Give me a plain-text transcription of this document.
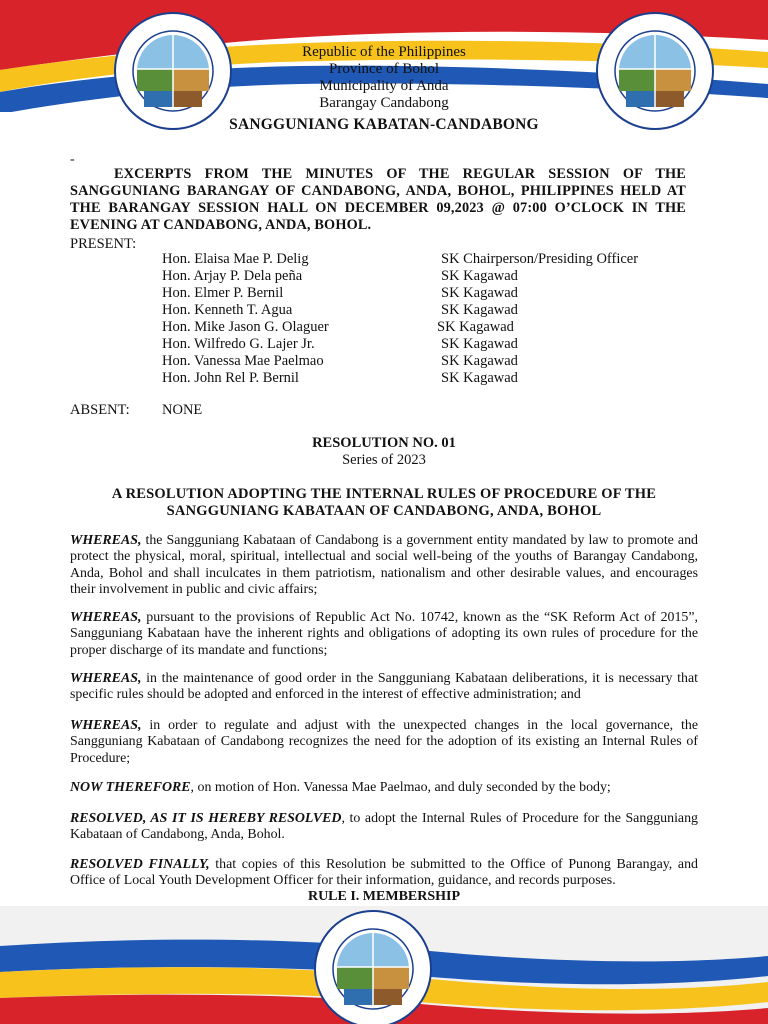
Republic of the Philippines
Province of Bohol
Municipality of Anda
Barangay Candabong
SANGGUNIANG KABATAN-CANDABONG
-
EXCERPTS FROM THE MINUTES OF THE REGULAR SESSION OF THE SANGGUNIANG BARANGAY OF CANDABONG, ANDA, BOHOL, PHILIPPINES HELD AT THE BARANGAY SESSION HALL ON DECEMBER 09,2023 @ 07:00 O’CLOCK IN THE EVENING AT CANDABONG, ANDA, BOHOL.
PRESENT:
Hon. Elaisa Mae P. Delig	SK Chairperson/Presiding Officer
Hon. Arjay P. Dela peña	SK Kagawad
Hon. Elmer P. Bernil	SK Kagawad
Hon. Kenneth T. Agua	SK Kagawad
Hon. Mike Jason G. Olaguer	SK Kagawad
Hon. Wilfredo G. Lajer Jr.	SK Kagawad
Hon. Vanessa Mae Paelmao	SK Kagawad
Hon. John Rel P. Bernil	SK Kagawad
ABSENT: NONE
RESOLUTION NO. 01
Series of 2023
A RESOLUTION ADOPTING THE INTERNAL RULES OF PROCEDURE OF THE SANGGUNIANG KABATAAN OF CANDABONG, ANDA, BOHOL
WHEREAS, the Sangguniang Kabataan of Candabong is a government entity mandated by law to promote and protect the physical, moral, spiritual, intellectual and social well-being of the youths of Barangay Candabong, Anda, Bohol and shall inculcates in them patriotism, nationalism and other desirable values, and encourages their involvement in public and civic affairs;
WHEREAS, pursuant to the provisions of Republic Act No. 10742, known as the “SK Reform Act of 2015”, Sangguniang Kabataan have the inherent rights and obligations of adopting its own rules of procedure for the proper discharge of its mandate and functions;
WHEREAS, in the maintenance of good order in the Sangguniang Kabataan deliberations, it is necessary that specific rules should be adopted and enforced in the interest of effective administration; and
WHEREAS, in order to regulate and adjust with the unexpected changes in the local governance, the Sangguniang Kabataan of Candabong recognizes the need for the adoption of its existing an Internal Rules of Procedure;
NOW THEREFORE, on motion of Hon. Vanessa Mae Paelmao, and duly seconded by the body;
RESOLVED, AS IT IS HEREBY RESOLVED, to adopt the Internal Rules of Procedure for the Sangguniang Kabataan of Candabong, Anda, Bohol.
RESOLVED FINALLY, that copies of this Resolution be submitted to the Office of Punong Barangay, and Office of Local Youth Development Officer for their information, guidance, and records purposes.
RULE I. MEMBERSHIP
